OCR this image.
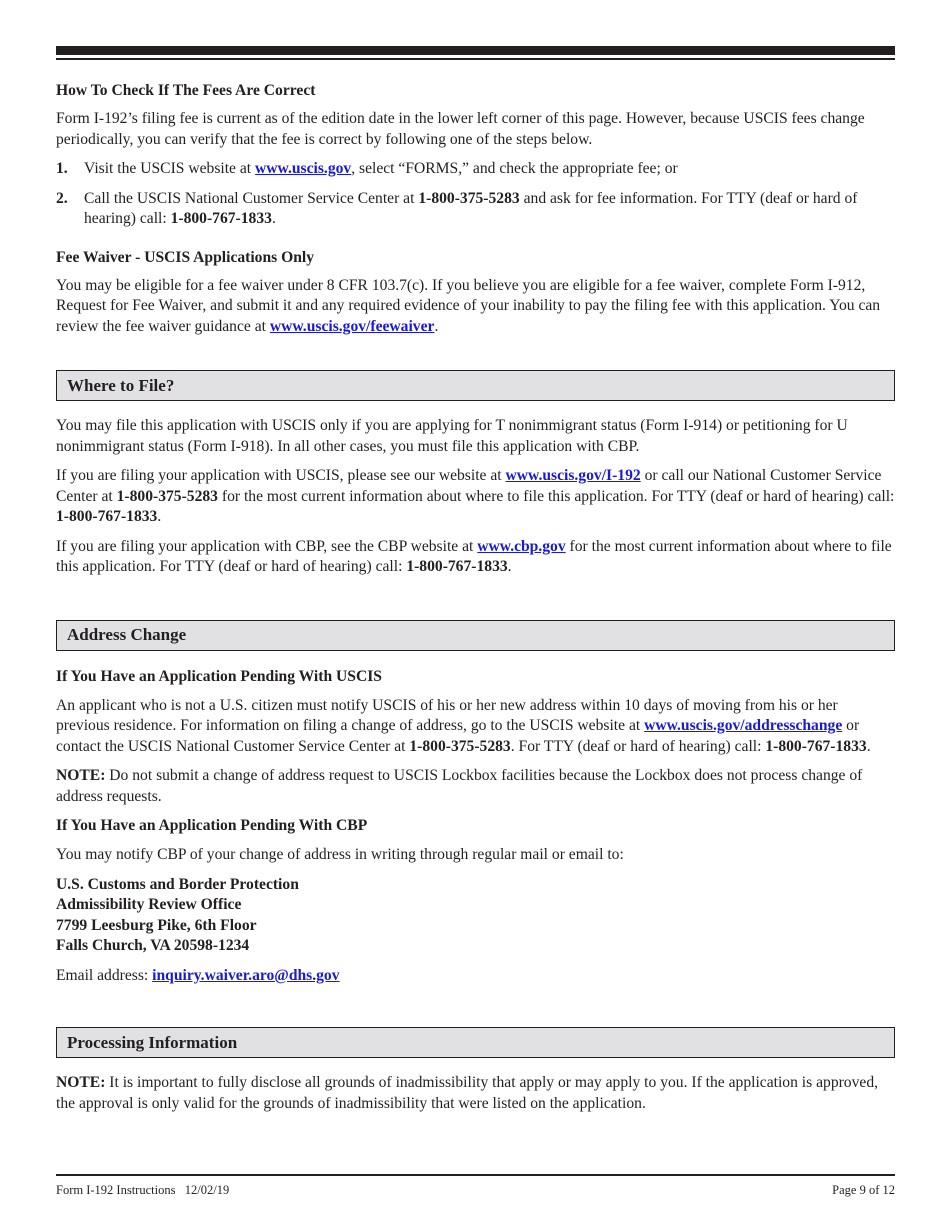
How To Check If The Fees Are Correct

Form I-192’s filing fee is current as of the edition date in the lower left corner of this page. However, because USCIS fees change periodically, you can verify that the fee is correct by following one of the steps below.

1. Visit the USCIS website at www.uscis.gov, select “FORMS,” and check the appropriate fee; or
2. Call the USCIS National Customer Service Center at 1-800-375-5283 and ask for fee information. For TTY (deaf or hard of hearing) call: 1-800-767-1833.

Fee Waiver - USCIS Applications Only

You may be eligible for a fee waiver under 8 CFR 103.7(c). If you believe you are eligible for a fee waiver, complete Form I-912, Request for Fee Waiver, and submit it and any required evidence of your inability to pay the filing fee with this application. You can review the fee waiver guidance at www.uscis.gov/feewaiver.

Where to File?

You may file this application with USCIS only if you are applying for T nonimmigrant status (Form I-914) or petitioning for U nonimmigrant status (Form I-918). In all other cases, you must file this application with CBP.

If you are filing your application with USCIS, please see our website at www.uscis.gov/I-192 or call our National Customer Service Center at 1-800-375-5283 for the most current information about where to file this application. For TTY (deaf or hard of hearing) call: 1-800-767-1833.

If you are filing your application with CBP, see the CBP website at www.cbp.gov for the most current information about where to file this application. For TTY (deaf or hard of hearing) call: 1-800-767-1833.

Address Change

If You Have an Application Pending With USCIS

An applicant who is not a U.S. citizen must notify USCIS of his or her new address within 10 days of moving from his or her previous residence. For information on filing a change of address, go to the USCIS website at www.uscis.gov/addresschange or contact the USCIS National Customer Service Center at 1-800-375-5283. For TTY (deaf or hard of hearing) call: 1-800-767-1833.

NOTE: Do not submit a change of address request to USCIS Lockbox facilities because the Lockbox does not process change of address requests.

If You Have an Application Pending With CBP

You may notify CBP of your change of address in writing through regular mail or email to:

U.S. Customs and Border Protection

Admissibility Review Office

7799 Leesburg Pike, 6th Floor

Falls Church, VA 20598-1234

Email address: inquiry.waiver.aro@dhs.gov

Processing Information

NOTE: It is important to fully disclose all grounds of inadmissibility that apply or may apply to you. If the application is approved, the approval is only valid for the grounds of inadmissibility that were listed on the application.

Form I-192 Instructions   12/02/19	Page 9 of 12
